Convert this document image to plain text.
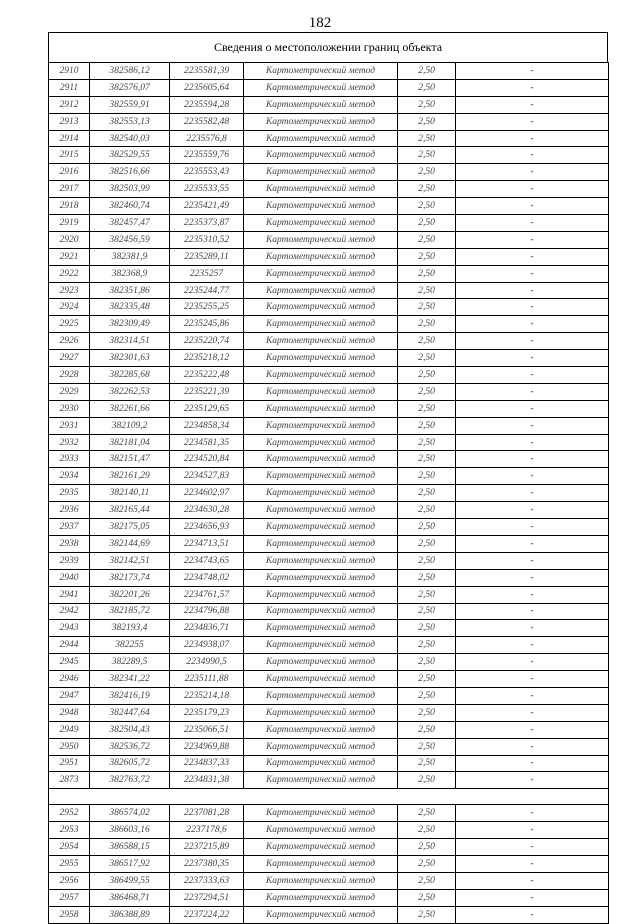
182
Сведения о местоположении границ объекта
2910	382586,12	2235581,39	Картометрический метод	2,50	-
2911	382576,07	2235605,64	Картометрический метод	2,50	-
2912	382559,91	2235594,28	Картометрический метод	2,50	-
2913	382553,13	2235582,48	Картометрический метод	2,50	-
2914	382540,03	2235576,8	Картометрический метод	2,50	-
2915	382529,55	2235559,76	Картометрический метод	2,50	-
2916	382516,66	2235553,43	Картометрический метод	2,50	-
2917	382503,99	2235533,55	Картометрический метод	2,50	-
2918	382460,74	2235421,49	Картометрический метод	2,50	-
2919	382457,47	2235373,87	Картометрический метод	2,50	-
2920	382456,59	2235310,52	Картометрический метод	2,50	-
2921	382381,9	2235289,11	Картометрический метод	2,50	-
2922	382368,9	2235257	Картометрический метод	2,50	-
2923	382351,86	2235244,77	Картометрический метод	2,50	-
2924	382335,48	2235255,25	Картометрический метод	2,50	-
2925	382309,49	2235245,86	Картометрический метод	2,50	-
2926	382314,51	2235220,74	Картометрический метод	2,50	-
2927	382301,63	2235218,12	Картометрический метод	2,50	-
2928	382285,68	2235222,48	Картометрический метод	2,50	-
2929	382262,53	2235221,39	Картометрический метод	2,50	-
2930	382261,66	2235129,65	Картометрический метод	2,50	-
2931	382109,2	2234858,34	Картометрический метод	2,50	-
2932	382181,04	2234581,35	Картометрический метод	2,50	-
2933	382151,47	2234520,84	Картометрический метод	2,50	-
2934	382161,29	2234527,83	Картометрический метод	2,50	-
2935	382140,11	2234602,97	Картометрический метод	2,50	-
2936	382165,44	2234630,28	Картометрический метод	2,50	-
2937	382175,05	2234656,93	Картометрический метод	2,50	-
2938	382144,69	2234713,51	Картометрический метод	2,50	-
2939	382142,51	2234743,65	Картометрический метод	2,50	-
2940	382173,74	2234748,02	Картометрический метод	2,50	-
2941	382201,26	2234761,57	Картометрический метод	2,50	-
2942	382185,72	2234796,88	Картометрический метод	2,50	-
2943	382193,4	2234836,71	Картометрический метод	2,50	-
2944	382255	2234938,07	Картометрический метод	2,50	-
2945	382289,5	2234990,5	Картометрический метод	2,50	-
2946	382341,22	2235111,88	Картометрический метод	2,50	-
2947	382416,19	2235214,18	Картометрический метод	2,50	-
2948	382447,64	2235179,23	Картометрический метод	2,50	-
2949	382504,43	2235066,51	Картометрический метод	2,50	-
2950	382536,72	2234969,88	Картометрический метод	2,50	-
2951	382605,72	2234837,33	Картометрический метод	2,50	-
2873	382763,72	2234831,38	Картометрический метод	2,50	-

2952	386574,02	2237081,28	Картометрический метод	2,50	-
2953	386603,16	2237178,6	Картометрический метод	2,50	-
2954	386588,15	2237215,89	Картометрический метод	2,50	-
2955	386517,92	2237380,35	Картометрический метод	2,50	-
2956	386499,55	2237333,63	Картометрический метод	2,50	-
2957	386468,71	2237294,51	Картометрический метод	2,50	-
2958	386388,89	2237224,22	Картометрический метод	2,50	-
